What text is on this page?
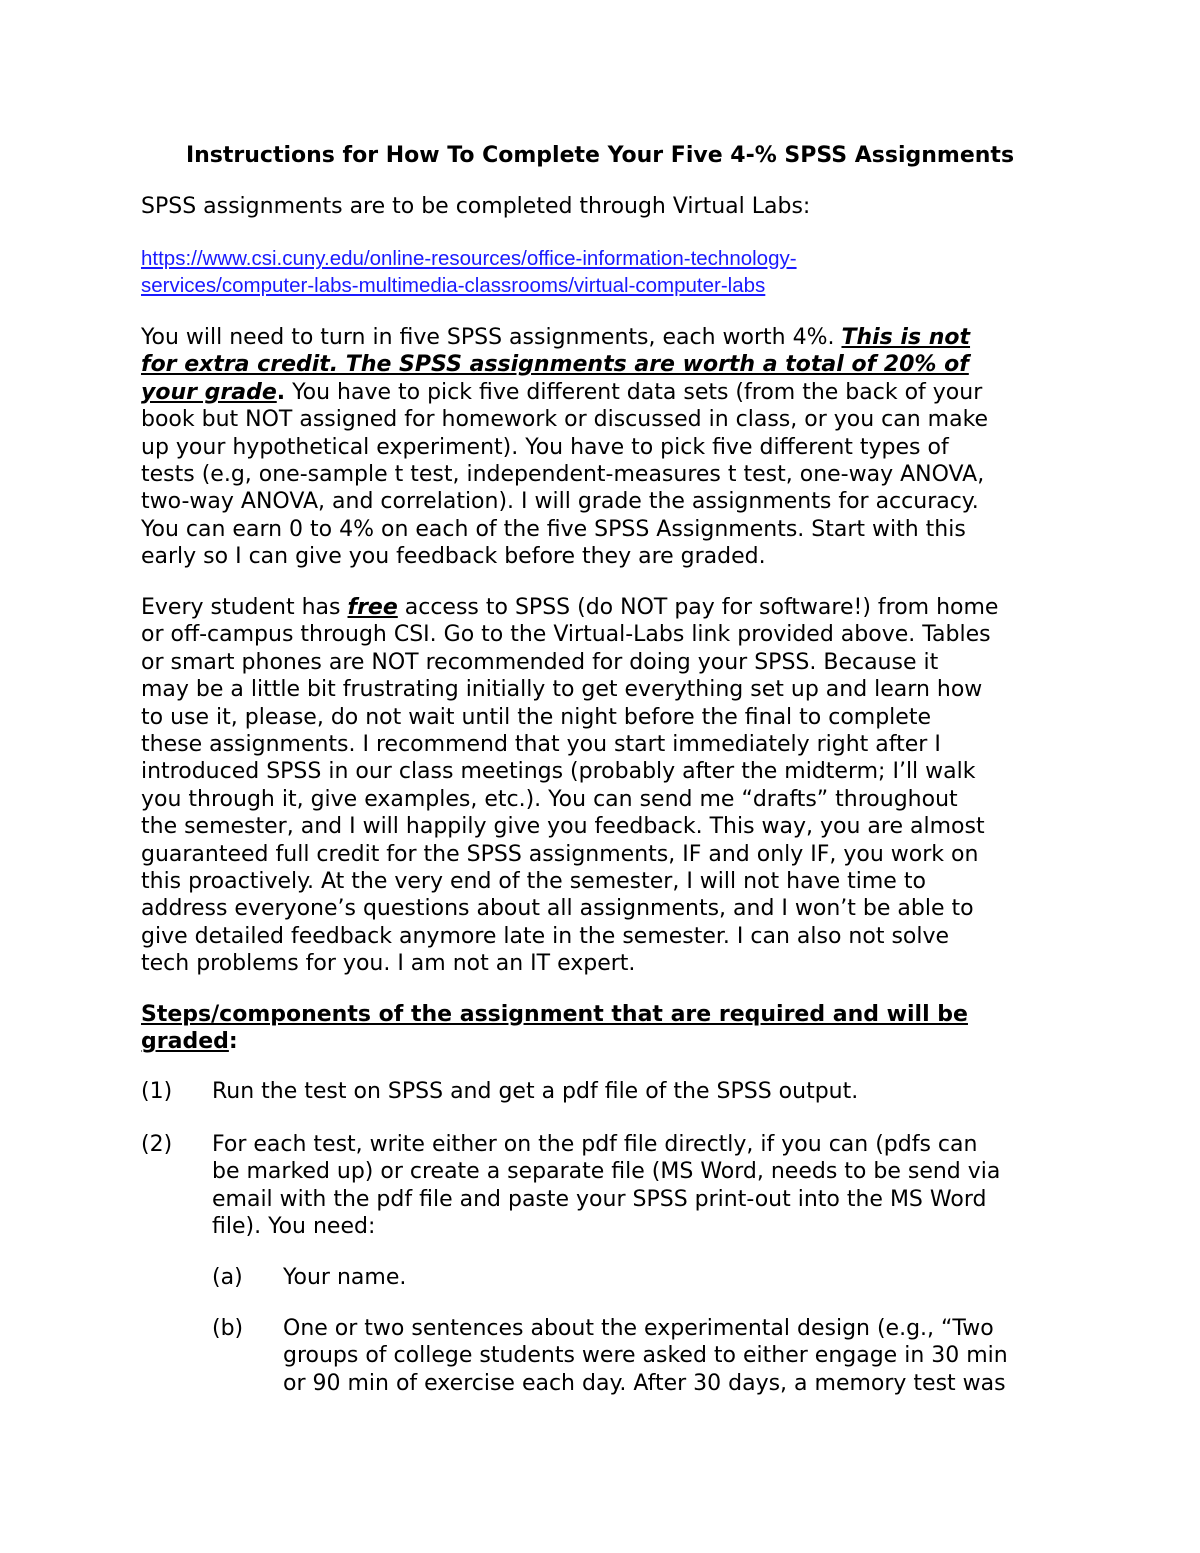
Instructions for How To Complete Your Five 4-% SPSS Assignments
SPSS assignments are to be completed through Virtual Labs:
https://www.csi.cuny.edu/online-resources/office-information-technology-
services/computer-labs-multimedia-classrooms/virtual-computer-labs
You will need to turn in five SPSS assignments, each worth 4%. This is not
for extra credit. The SPSS assignments are worth a total of 20% of
your grade. You have to pick five different data sets (from the back of your
book but NOT assigned for homework or discussed in class, or you can make
up your hypothetical experiment). You have to pick five different types of
tests (e.g, one-sample t test, independent-measures t test, one-way ANOVA,
two-way ANOVA, and correlation). I will grade the assignments for accuracy.
You can earn 0 to 4% on each of the five SPSS Assignments. Start with this
early so I can give you feedback before they are graded.
Every student has free access to SPSS (do NOT pay for software!) from home
or off-campus through CSI. Go to the Virtual-Labs link provided above. Tables
or smart phones are NOT recommended for doing your SPSS. Because it
may be a little bit frustrating initially to get everything set up and learn how
to use it, please, do not wait until the night before the final to complete
these assignments. I recommend that you start immediately right after I
introduced SPSS in our class meetings (probably after the midterm; I’ll walk
you through it, give examples, etc.). You can send me “drafts” throughout
the semester, and I will happily give you feedback. This way, you are almost
guaranteed full credit for the SPSS assignments, IF and only IF, you work on
this proactively. At the very end of the semester, I will not have time to
address everyone’s questions about all assignments, and I won’t be able to
give detailed feedback anymore late in the semester. I can also not solve
tech problems for you. I am not an IT expert.
Steps/components of the assignment that are required and will be
graded:
(1) Run the test on SPSS and get a pdf file of the SPSS output.
(2) For each test, write either on the pdf file directly, if you can (pdfs can
be marked up) or create a separate file (MS Word, needs to be send via
email with the pdf file and paste your SPSS print-out into the MS Word
file). You need:
(a) Your name.
(b) One or two sentences about the experimental design (e.g., “Two
groups of college students were asked to either engage in 30 min
or 90 min of exercise each day. After 30 days, a memory test was
